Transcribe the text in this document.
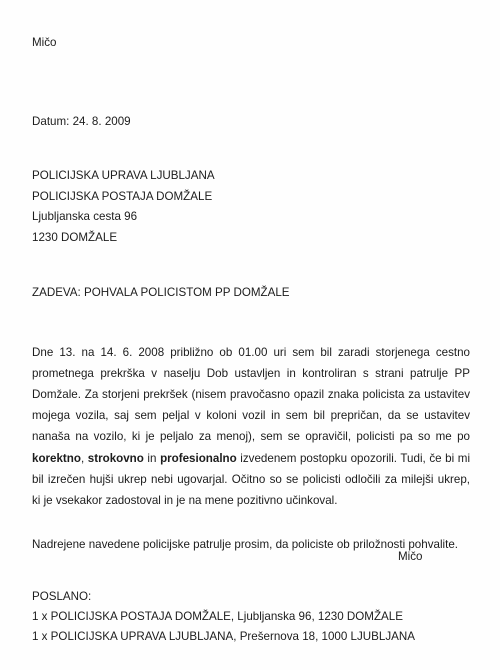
Mičo
Datum: 24. 8. 2009
POLICIJSKA UPRAVA LJUBLJANA
POLICIJSKA POSTAJA DOMŽALE
Ljubljanska cesta 96
1230 DOMŽALE
ZADEVA: POHVALA POLICISTOM PP DOMŽALE
Dne 13. na 14. 6. 2008 približno ob 01.00 uri sem bil zaradi storjenega cestno
prometnega prekrška v naselju Dob ustavljen in kontroliran s strani patrulje PP
Domžale. Za storjeni prekršek (nisem pravočasno opazil znaka policista za ustavitev
mojega vozila, saj sem peljal v koloni vozil in sem bil prepričan, da se ustavitev
nanaša na vozilo, ki je peljalo za menoj), sem se opravičil, policisti pa so me po
korektno, strokovno in profesionalno izvedenem postopku opozorili. Tudi, če bi mi
bil izrečen hujši ukrep nebi ugovarjal. Očitno so se policisti odločili za milejši ukrep,
ki je vsekakor zadostoval in je na mene pozitivno učinkoval.
Nadrejene navedene policijske patrulje prosim, da policiste ob priložnosti pohvalite.
Mičo
POSLANO:
1 x POLICIJSKA POSTAJA DOMŽALE, Ljubljanska 96, 1230 DOMŽALE
1 x POLICIJSKA UPRAVA LJUBLJANA, Prešernova 18, 1000 LJUBLJANA
